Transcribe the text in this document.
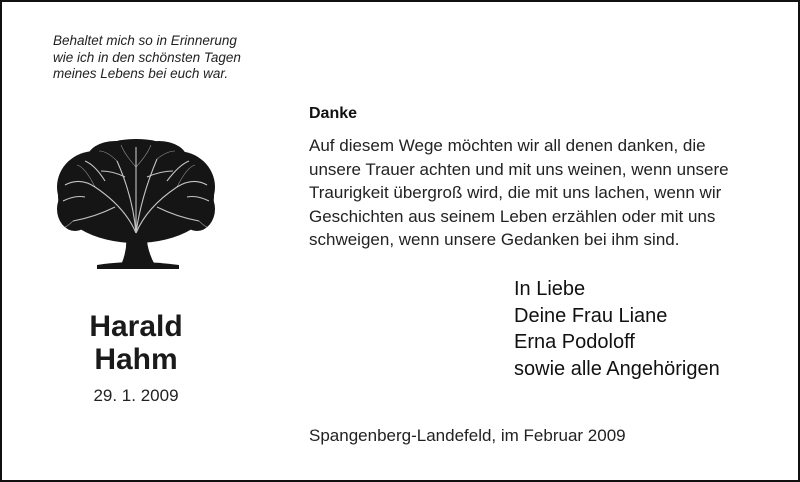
Behaltet mich so in Erinnerung
wie ich in den schönsten Tagen
meines Lebens bei euch war.
Harald
Hahm
29. 1. 2009
Danke
Auf diesem Wege möchten wir all denen danken, die
unsere Trauer achten und mit uns weinen, wenn unsere
Traurigkeit übergroß wird, die mit uns lachen, wenn wir
Geschichten aus seinem Leben erzählen oder mit uns
schweigen, wenn unsere Gedanken bei ihm sind.
In Liebe
Deine Frau Liane
Erna Podoloff
sowie alle Angehörigen
Spangenberg-Landefeld, im Februar 2009
